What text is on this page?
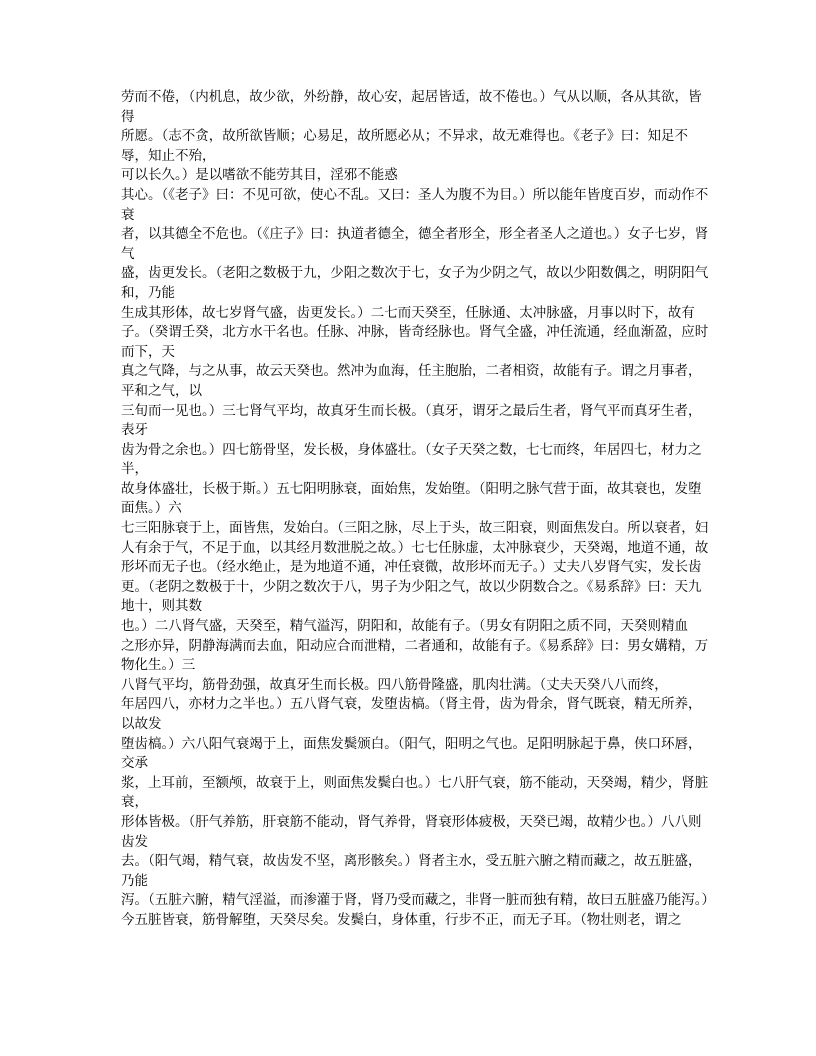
劳而不倦，（内机息，故少欲，外纷静，故心安，起居皆适，故不倦也。）气从以顺，各从其欲，皆得
所愿。（志不贪，故所欲皆顺；心易足，故所愿必从；不异求，故无难得也。《老子》曰：知足不辱，知止不殆，
可以长久。）是以嗜欲不能劳其目，淫邪不能惑
其心。（《老子》曰：不见可欲，使心不乱。又曰：圣人为腹不为目。）所以能年皆度百岁，而动作不衰
者，以其德全不危也。（《庄子》曰：执道者德全，德全者形全，形全者圣人之道也。）女子七岁，肾气
盛，齿更发长。（老阳之数极于九，少阳之数次于七，女子为少阴之气，故以少阳数偶之，明阴阳气和，乃能
生成其形体，故七岁肾气盛，齿更发长。）二七而天癸至，任脉通、太冲脉盛，月事以时下，故有子。（癸谓壬癸，北方水干名也。任脉、冲脉，皆奇经脉也。肾气全盛，冲任流通，经血渐盈，应时而下，天
真之气降，与之从事，故云天癸也。然冲为血海，任主胞胎，二者相资，故能有子。谓之月事者，平和之气，以
三旬而一见也。）三七肾气平均，故真牙生而长极。（真牙，谓牙之最后生者，肾气平而真牙生者，表牙
齿为骨之余也。）四七筋骨坚，发长极，身体盛壮。（女子天癸之数，七七而终，年居四七，材力之半，
故身体盛壮，长极于斯。）五七阳明脉衰，面始焦，发始堕。（阳明之脉气营于面，故其衰也，发堕面焦。）六
七三阳脉衰于上，面皆焦，发始白。（三阳之脉，尽上于头，故三阳衰，则面焦发白。所以衰者，妇
人有余于气，不足于血，以其经月数泄脱之故。）七七任脉虚，太冲脉衰少，天癸竭，地道不通，故形坏而无子也。（经水绝止，是为地道不通，冲任衰微，故形坏而无子。）丈夫八岁肾气实，发长齿
更。（老阴之数极于十，少阴之数次于八，男子为少阳之气，故以少阴数合之。《易系辞》曰：天九地十，则其数
也。）二八肾气盛，天癸至，精气溢泻，阴阳和，故能有子。（男女有阴阳之质不同，天癸则精血
之形亦异，阴静海满而去血，阳动应合而泄精，二者通和，故能有子。《易系辞》曰：男女媾精，万物化生。）三
八肾气平均，筋骨劲强，故真牙生而长极。四八筋骨隆盛，肌肉壮满。（丈夫天癸八八而终，
年居四八，亦材力之半也。）五八肾气衰，发堕齿槁。（肾主骨，齿为骨余，肾气既衰，精无所养，以故发
堕齿槁。）六八阳气衰竭于上，面焦发鬓颁白。（阳气，阳明之气也。足阳明脉起于鼻，侠口环唇，交承
浆，上耳前，至额颅，故衰于上，则面焦发鬓白也。）七八肝气衰，筋不能动，天癸竭，精少，肾脏衰，
形体皆极。（肝气养筋，肝衰筋不能动，肾气养骨，肾衰形体疲极，天癸已竭，故精少也。）八八则齿发
去。（阳气竭，精气衰，故齿发不坚，离形骸矣。）肾者主水，受五脏六腑之精而藏之，故五脏盛，乃能
泻。（五脏六腑，精气淫溢，而渗灌于肾，肾乃受而藏之，非肾一脏而独有精，故曰五脏盛乃能泻。）
今五脏皆衰，筋骨解堕，天癸尽矣。发鬓白，身体重，行步不正，而无子耳。（物壮则老，谓之
